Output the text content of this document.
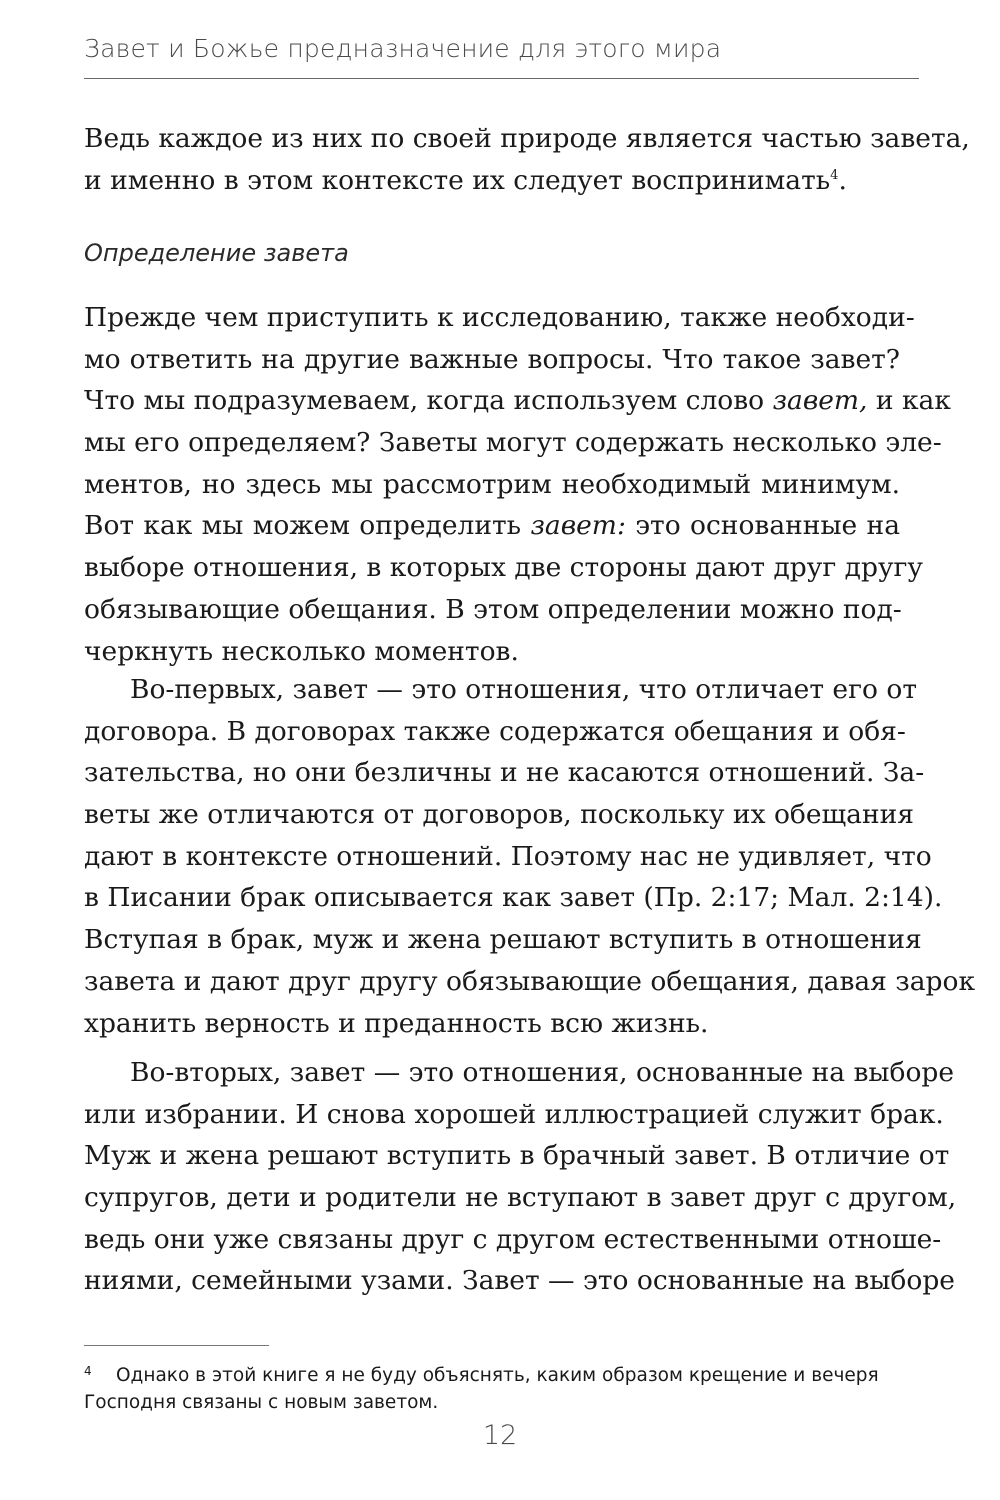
Завет и Божье предназначение для этого мира
Ведь каждое из них по своей природе является частью завета,
и именно в этом контексте их следует воспринимать$^4$.
Определение завета
Прежде чем приступить к исследованию, также необходи-
мо ответить на другие важные вопросы. Что такое завет?
Что мы подразумеваем, когда используем слово завет, и как
мы его определяем? Заветы могут содержать несколько эле-
ментов, но здесь мы рассмотрим необходимый минимум.
Вот как мы можем определить завет: это основанные на
выборе отношения, в которых две стороны дают друг другу
обязывающие обещания. В этом определении можно под-
черкнуть несколько моментов.
Во-первых, завет — это отношения, что отличает его от
договора. В договорах также содержатся обещания и обя-
зательства, но они безличны и не касаются отношений. За-
веты же отличаются от договоров, поскольку их обещания
дают в контексте отношений. Поэтому нас не удивляет, что
в Писании брак описывается как завет (Пр. 2:17; Мал. 2:14).
Вступая в брак, муж и жена решают вступить в отношения
завета и дают друг другу обязывающие обещания, давая зарок
хранить верность и преданность всю жизнь.
Во-вторых, завет — это отношения, основанные на выборе
или избрании. И снова хорошей иллюстрацией служит брак.
Муж и жена решают вступить в брачный завет. В отличие от
супругов, дети и родители не вступают в завет друг с другом,
ведь они уже связаны друг с другом естественными отноше-
ниями, семейными узами. Завет — это основанные на выборе
4 Однако в этой книге я не буду объяснять, каким образом крещение и вечеря
Господня связаны с новым заветом.
12
